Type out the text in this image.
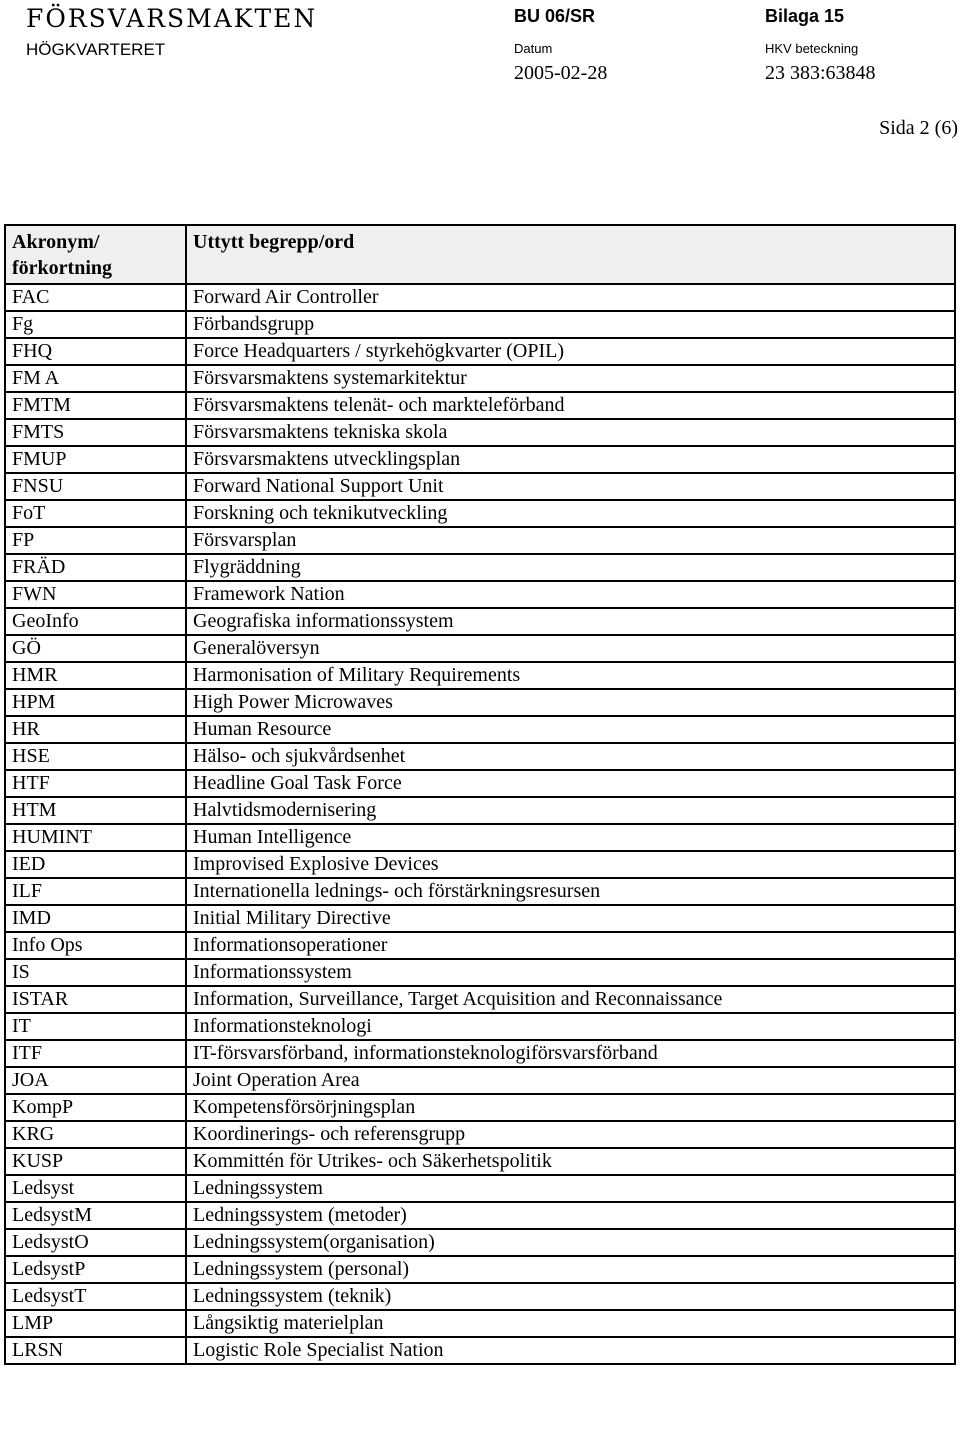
FÖRSVARSMAKTEN
HÖGKVARTERET
BU 06/SR	Bilaga 15
Datum	HKV beteckning
2005-02-28	23 383:63848
Sida 2 (6)
Akronym/
förkortning	Uttytt begrepp/ord
FAC	Forward Air Controller
Fg	Förbandsgrupp
FHQ	Force Headquarters / styrkehögkvarter (OPIL)
FM A	Försvarsmaktens systemarkitektur
FMTM	Försvarsmaktens telenät- och markteleförband
FMTS	Försvarsmaktens tekniska skola
FMUP	Försvarsmaktens utvecklingsplan
FNSU	Forward National Support Unit
FoT	Forskning och teknikutveckling
FP	Försvarsplan
FRÄD	Flygräddning
FWN	Framework Nation
GeoInfo	Geografiska informationssystem
GÖ	Generalöversyn
HMR	Harmonisation of Military Requirements
HPM	High Power Microwaves
HR	Human Resource
HSE	Hälso- och sjukvårdsenhet
HTF	Headline Goal Task Force
HTM	Halvtidsmodernisering
HUMINT	Human Intelligence
IED	Improvised Explosive Devices
ILF	Internationella lednings- och förstärkningsresursen
IMD	Initial Military Directive
Info Ops	Informationsoperationer
IS	Informationssystem
ISTAR	Information, Surveillance, Target Acquisition and Reconnaissance
IT	Informationsteknologi
ITF	IT-försvarsförband, informationsteknologiförsvarsförband
JOA	Joint Operation Area
KompP	Kompetensförsörjningsplan
KRG	Koordinerings- och referensgrupp
KUSP	Kommittén för Utrikes- och Säkerhetspolitik
Ledsyst	Ledningssystem
LedsystM	Ledningssystem (metoder)
LedsystO	Ledningssystem(organisation)
LedsystP	Ledningssystem (personal)
LedsystT	Ledningssystem (teknik)
LMP	Långsiktig materielplan
LRSN	Logistic Role Specialist Nation
